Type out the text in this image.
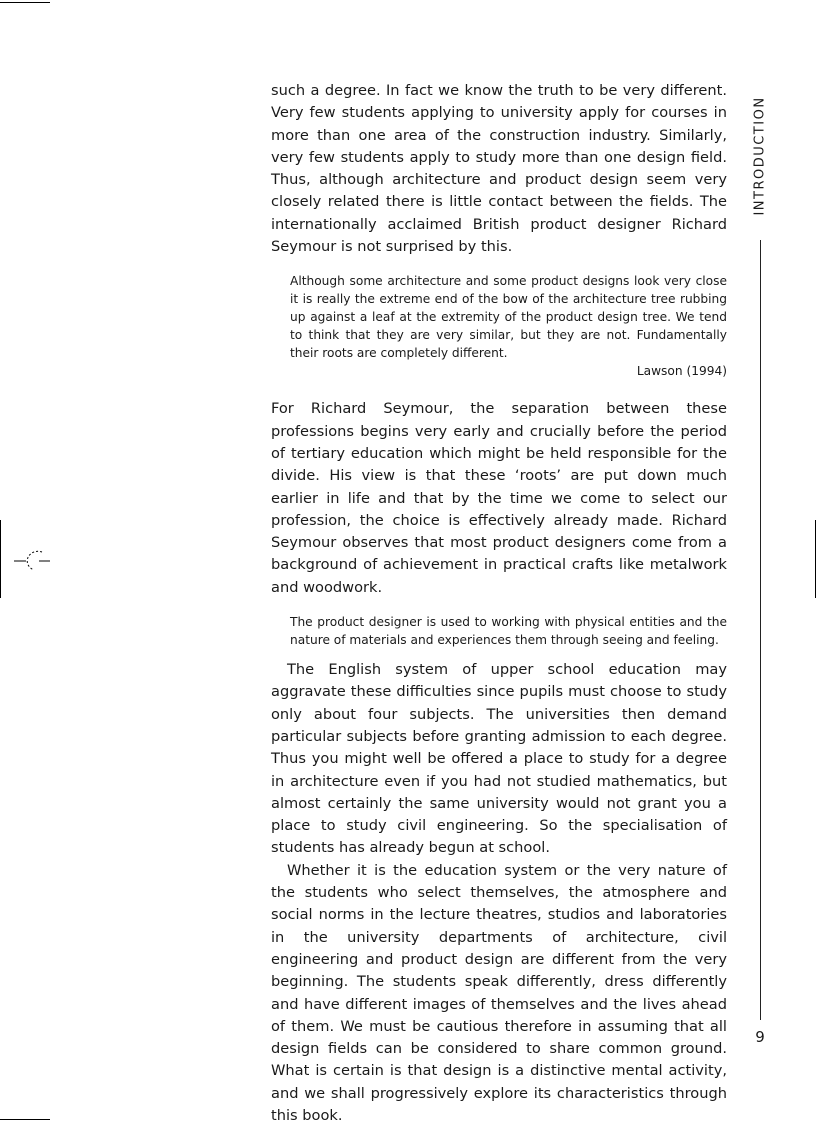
INTRODUCTION

such a degree. In fact we know the truth to be very different. Very few students applying to university apply for courses in more than one area of the construction industry. Similarly, very few students apply to study more than one design field. Thus, although architecture and product design seem very closely related there is little contact between the fields. The internationally acclaimed British product designer Richard Seymour is not surprised by this.

Although some architecture and some product designs look very close it is really the extreme end of the bow of the architecture tree rubbing up against a leaf at the extremity of the product design tree. We tend to think that they are very similar, but they are not. Fundamentally their roots are completely different.

Lawson (1994)

For Richard Seymour, the separation between these professions begins very early and crucially before the period of tertiary education which might be held responsible for the divide. His view is that these ‘roots’ are put down much earlier in life and that by the time we come to select our profession, the choice is effectively already made. Richard Seymour observes that most product designers come from a background of achievement in practical crafts like metalwork and woodwork.

The product designer is used to working with physical entities and the nature of materials and experiences them through seeing and feeling.

The English system of upper school education may aggravate these difficulties since pupils must choose to study only about four subjects. The universities then demand particular subjects before granting admission to each degree. Thus you might well be offered a place to study for a degree in architecture even if you had not studied mathematics, but almost certainly the same university would not grant you a place to study civil engineering. So the specialisation of students has already begun at school.

Whether it is the education system or the very nature of the students who select themselves, the atmosphere and social norms in the lecture theatres, studios and laboratories in the university departments of architecture, civil engineering and product design are different from the very beginning. The students speak differently, dress differently and have different images of themselves and the lives ahead of them. We must be cautious therefore in assuming that all design fields can be considered to share common ground. What is certain is that design is a distinctive mental activity, and we shall progressively explore its characteristics through this book.

9
